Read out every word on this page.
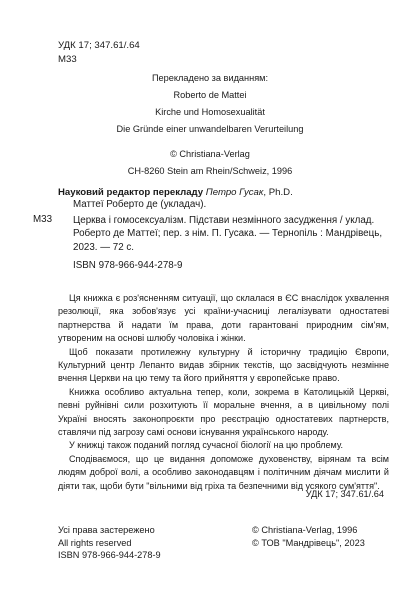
УДК 17; 347.61/.64
М33
Перекладено за виданням:
Roberto de Mattei
Kirche und Homosexualität
Die Gründe einer unwandelbaren Verurteilung
© Christiana-Verlag
CH-8260 Stein am Rhein/Schweiz, 1996
Науковий редактор перекладу Петро Гусак, Ph.D.
М33

Маттеї Роберто де (укладач).

Церква і гомосексуалізм. Підстави незмінного засудження / уклад.

Роберто де Маттеї; пер. з нім. П. Гусака. — Тернопіль : Мандрівець,

2023. — 72 с.

ISBN 978-966-944-278-9

Ця книжка є роз'ясненням ситуації, що склалася в ЄС внаслідок ухвалення резолюції, яка зобов'язує усі країни-учасниці легалізувати одностатеві партнерства й надати їм права, доти гарантовані природним сім'ям, утвореним на основі шлюбу чоловіка і жінки.

Щоб показати протилежну культурну й історичну традицію Європи, Культурний центр Лепанто видав збірник текстів, що засвідчують незмінне вчення Церкви на цю тему та його прийняття у європейське право.

Книжка особливо актуальна тепер, коли, зокрема в Католицькій Церкві, певні руйнівні сили розхитують її моральне вчення, а в цивільному полі Україні вносять законопроєкти про реєстрацію одностатевих партнерств, ставлячи під загрозу самі основи існування українського народу.

У книжці також поданий погляд сучасної біології на цю проблему.

Сподіваємося, що це видання допоможе духовенству, вірянам та всім людям доброї волі, а особливо законодавцям і політичним діячам мислити й діяти так, щоби бути "вільними від гріха та безпечними від усякого сум'яття".

УДК 17; 347.61/.64
Усі права застережено
All rights reserved
ISBN 978-966-944-278-9
© Christiana-Verlag, 1996
© ТОВ "Мандрівець", 2023
